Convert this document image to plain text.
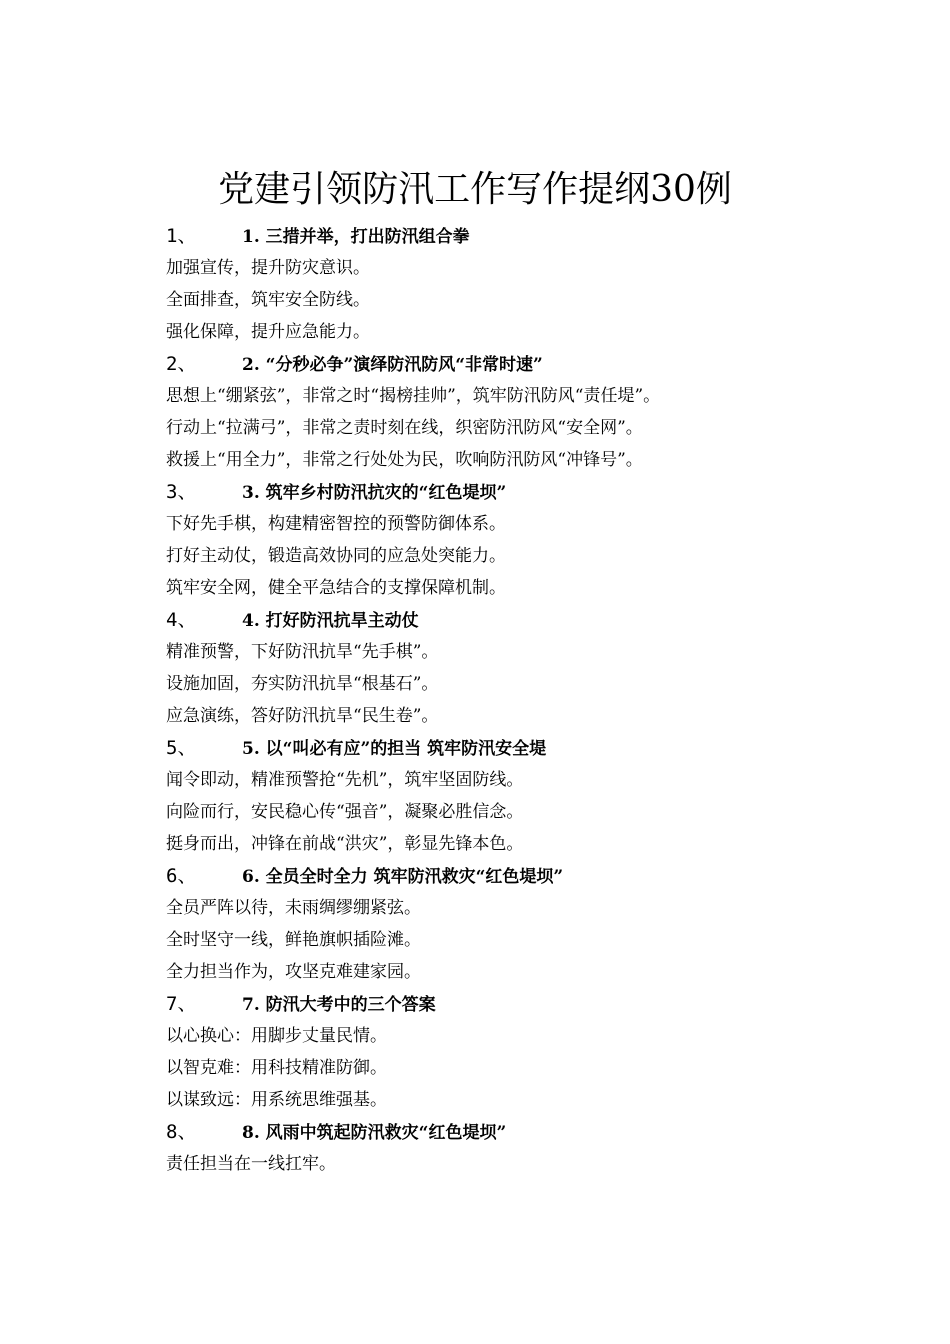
党建引领防汛工作写作提纲30例
1、	1. 三措并举，打出防汛组合拳
加强宣传，提升防灾意识。
全面排查，筑牢安全防线。
强化保障，提升应急能力。
2、	2. “分秒必争”演绎防汛防风“非常时速”
思想上“绷紧弦”，非常之时“揭榜挂帅”，筑牢防汛防风“责任堤”。
行动上“拉满弓”，非常之责时刻在线，织密防汛防风“安全网”。
救援上“用全力”，非常之行处处为民，吹响防汛防风“冲锋号”。
3、	3. 筑牢乡村防汛抗灾的“红色堤坝”
下好先手棋，构建精密智控的预警防御体系。
打好主动仗，锻造高效协同的应急处突能力。
筑牢安全网，健全平急结合的支撑保障机制。
4、	4. 打好防汛抗旱主动仗
精准预警，下好防汛抗旱“先手棋”。
设施加固，夯实防汛抗旱“根基石”。
应急演练，答好防汛抗旱“民生卷”。
5、	5. 以“叫必有应”的担当 筑牢防汛安全堤
闻令即动，精准预警抢“先机”，筑牢坚固防线。
向险而行，安民稳心传“强音”，凝聚必胜信念。
挺身而出，冲锋在前战“洪灾”，彰显先锋本色。
6、	6. 全员全时全力 筑牢防汛救灾“红色堤坝”
全员严阵以待，未雨绸缪绷紧弦。
全时坚守一线，鲜艳旗帜插险滩。
全力担当作为，攻坚克难建家园。
7、	7. 防汛大考中的三个答案
以心换心：用脚步丈量民情。
以智克难：用科技精准防御。
以谋致远：用系统思维强基。
8、	8. 风雨中筑起防汛救灾“红色堤坝”
责任担当在一线扛牢。
